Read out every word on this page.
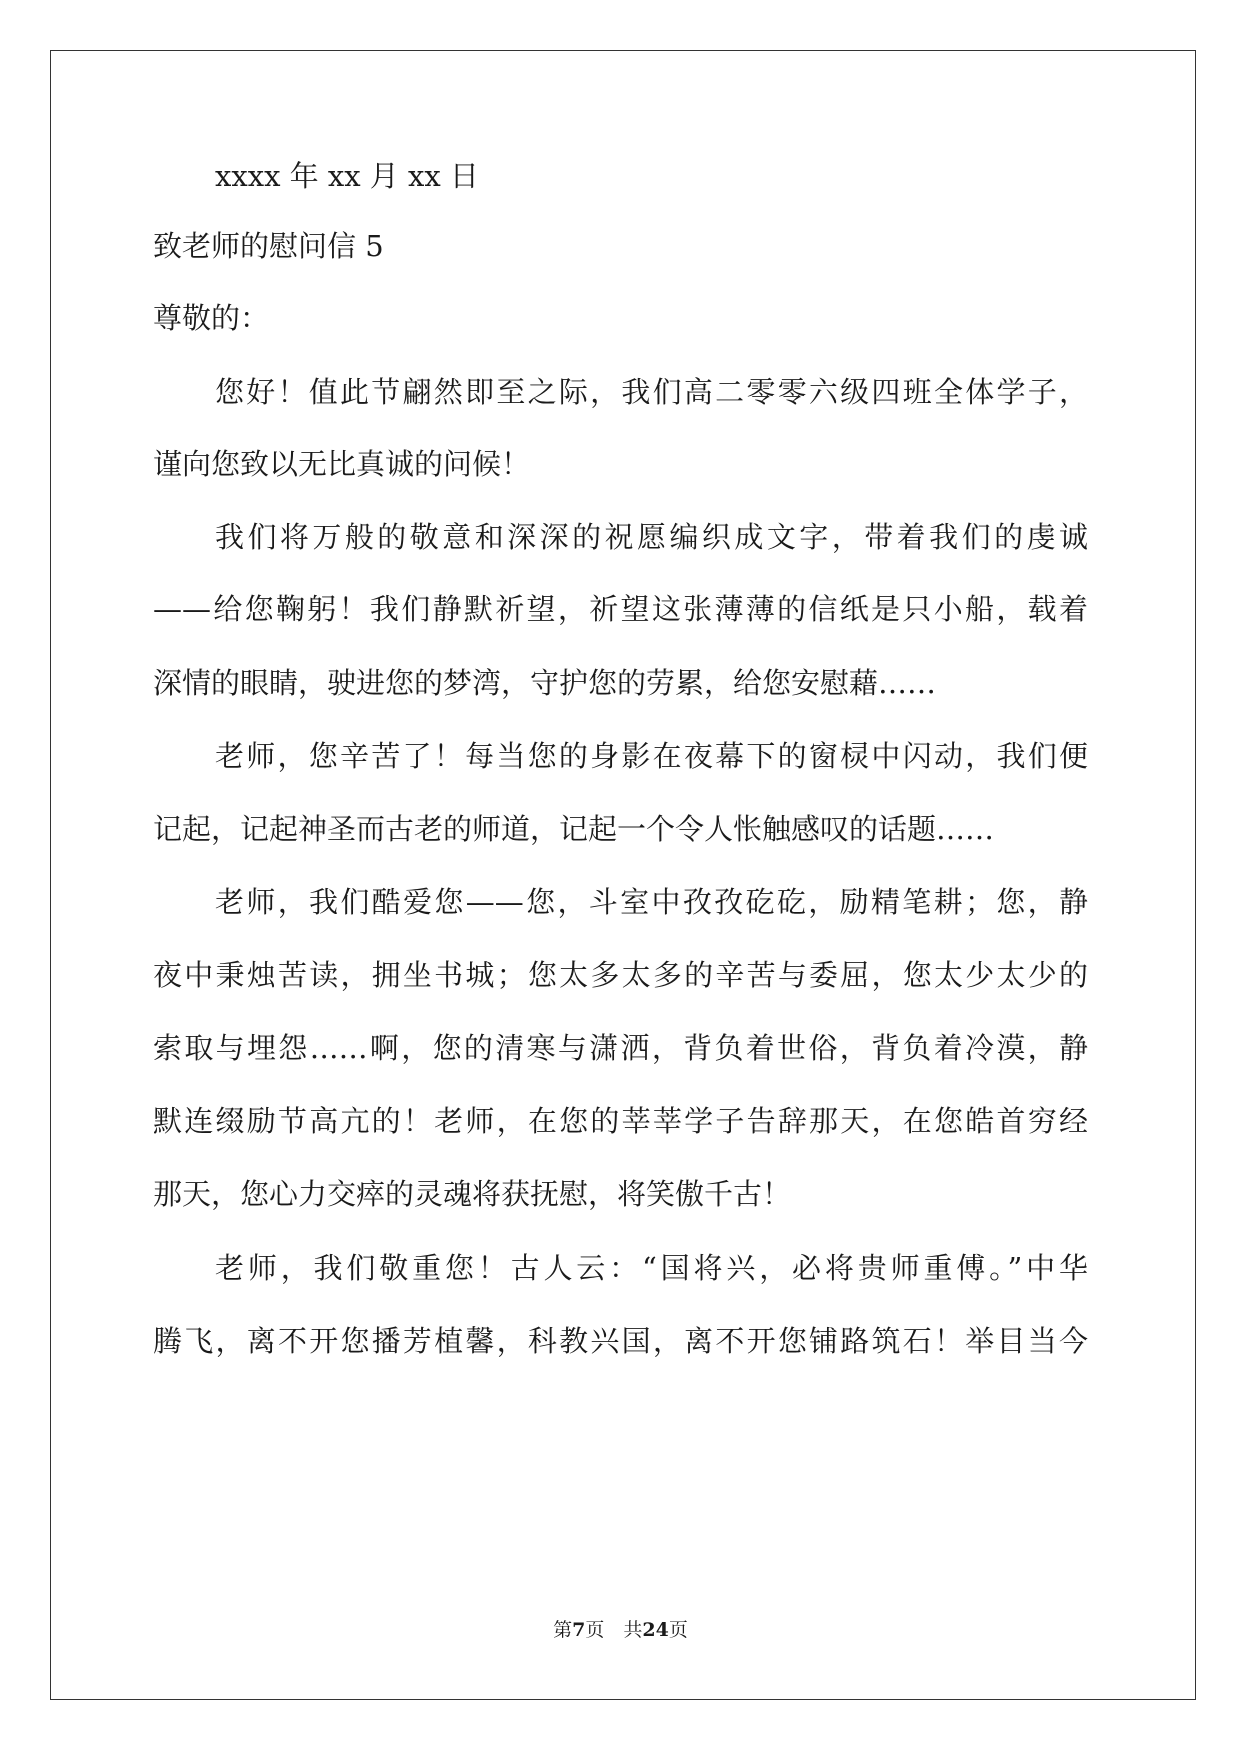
xxxx 年 xx 月 xx 日
致老师的慰问信 5
尊敬的：
您好！值此节翩然即至之际，我们高二零零六级四班全体学子，
谨向您致以无比真诚的问候！
我们将万般的敬意和深深的祝愿编织成文字，带着我们的虔诚
——给您鞠躬！我们静默祈望，祈望这张薄薄的信纸是只小船，载着
深情的眼睛，驶进您的梦湾，守护您的劳累，给您安慰藉……
老师，您辛苦了！每当您的身影在夜幕下的窗棂中闪动，我们便
记起，记起神圣而古老的师道，记起一个令人怅触感叹的话题……
老师，我们酷爱您——您，斗室中孜孜矻矻，励精笔耕；您，静
夜中秉烛苦读，拥坐书城；您太多太多的辛苦与委屈，您太少太少的
索取与埋怨……啊，您的清寒与潇洒，背负着世俗，背负着冷漠，静
默连缀励节高亢的！老师，在您的莘莘学子告辞那天，在您皓首穷经
那天，您心力交瘁的灵魂将获抚慰，将笑傲千古！
老师，我们敬重您！古人云：“国将兴，必将贵师重傅。”中华
腾飞，离不开您播芳植馨，科教兴国，离不开您铺路筑石！举目当今
第7页　共24页
